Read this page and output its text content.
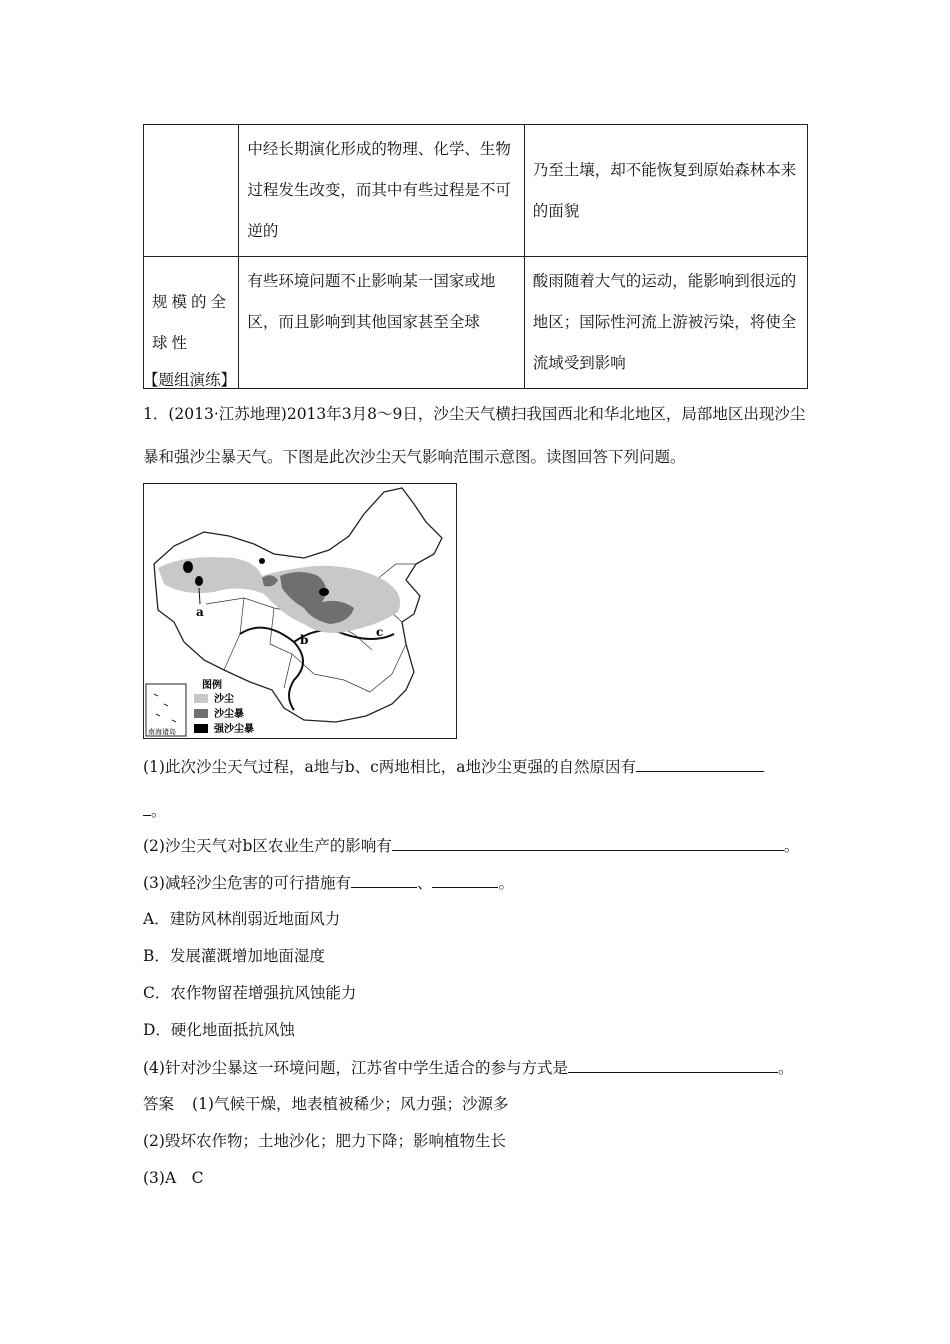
	中经长期演化形成的物理、化学、生物过程发生改变，而其中有些过程是不可逆的	乃至土壤，却不能恢复到原始森林本来的面貌
规模的全球性	有些环境问题不止影响某一国家或地区，而且影响到其他国家甚至全球	酸雨随着大气的运动，能影响到很远的地区；国际性河流上游被污染，将使全流域受到影响
【题组演练】
1．(2013·江苏地理)2013年3月8～9日，沙尘天气横扫我国西北和华北地区，局部地区出现沙尘暴和强沙尘暴天气。下图是此次沙尘天气影响范围示意图。读图回答下列问题。
a
b
c
南海诸岛
图例
沙尘
沙尘暴
强沙尘暴
(1)此次沙尘天气过程，a地与b、c两地相比，a地沙尘更强的自然原因有
。
(2)沙尘天气对b区农业生产的影响有	。
(3)减轻沙尘危害的可行措施有	、	。
A．建防风林削弱近地面风力
B．发展灌溉增加地面湿度
C．农作物留茬增强抗风蚀能力
D．硬化地面抵抗风蚀
(4)针对沙尘暴这一环境问题，江苏省中学生适合的参与方式是	。
答案 (1)气候干燥，地表植被稀少；风力强；沙源多
(2)毁坏农作物；土地沙化；肥力下降；影响植物生长
(3)A　C
